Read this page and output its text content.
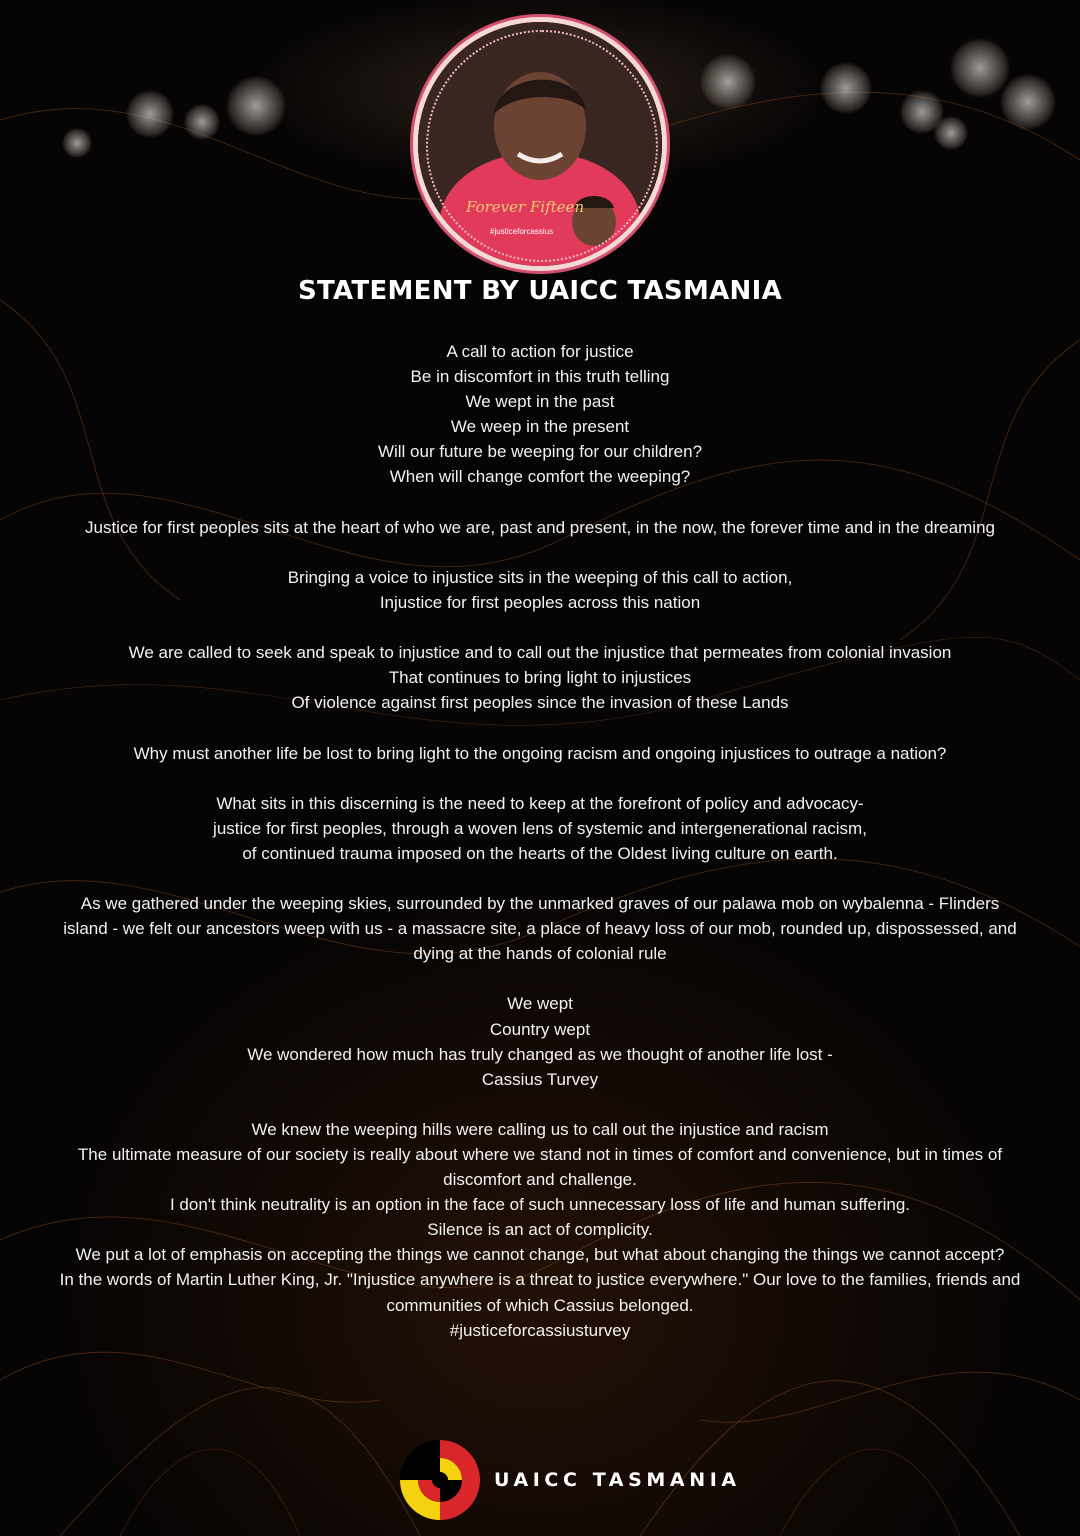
Forever Fifteen
#justiceforcassius
STATEMENT BY UAICC TASMANIA

A call to action for justice
Be in discomfort in this truth telling
We wept in the past
We weep in the present
Will our future be weeping for our children?
When will change comfort the weeping?

Justice for first peoples sits at the heart of who we are, past and present, in the now, the forever time and in the dreaming

Bringing a voice to injustice sits in the weeping of this call to action,
Injustice for first peoples across this nation

We are called to seek and speak to injustice and to call out the injustice that permeates from colonial invasion
That continues to bring light to injustices
Of violence against first peoples since the invasion of these Lands

Why must another life be lost to bring light to the ongoing racism and ongoing injustices to outrage a nation?

What sits in this discerning is the need to keep at the forefront of policy and advocacy-
justice for first peoples, through a woven lens of systemic and intergenerational racism,
of continued trauma imposed on the hearts of the Oldest living culture on earth.

As we gathered under the weeping skies, surrounded by the unmarked graves of our palawa mob on wybalenna - Flinders island - we felt our ancestors weep with us - a massacre site, a place of heavy loss of our mob, rounded up, dispossessed, and dying at the hands of colonial rule

We wept
Country wept
We wondered how much has truly changed as we thought of another life lost -
Cassius Turvey

We knew the weeping hills were calling us to call out the injustice and racism
The ultimate measure of our society is really about where we stand not in times of comfort and convenience, but in times of discomfort and challenge.
I don't think neutrality is an option in the face of such unnecessary loss of life and human suffering.
Silence is an act of complicity.
We put a lot of emphasis on accepting the things we cannot change, but what about changing the things we cannot accept?
In the words of Martin Luther King, Jr. "Injustice anywhere is a threat to justice everywhere." Our love to the families, friends and communities of which Cassius belonged.
#justiceforcassiusturvey

UAICC TASMANIA
